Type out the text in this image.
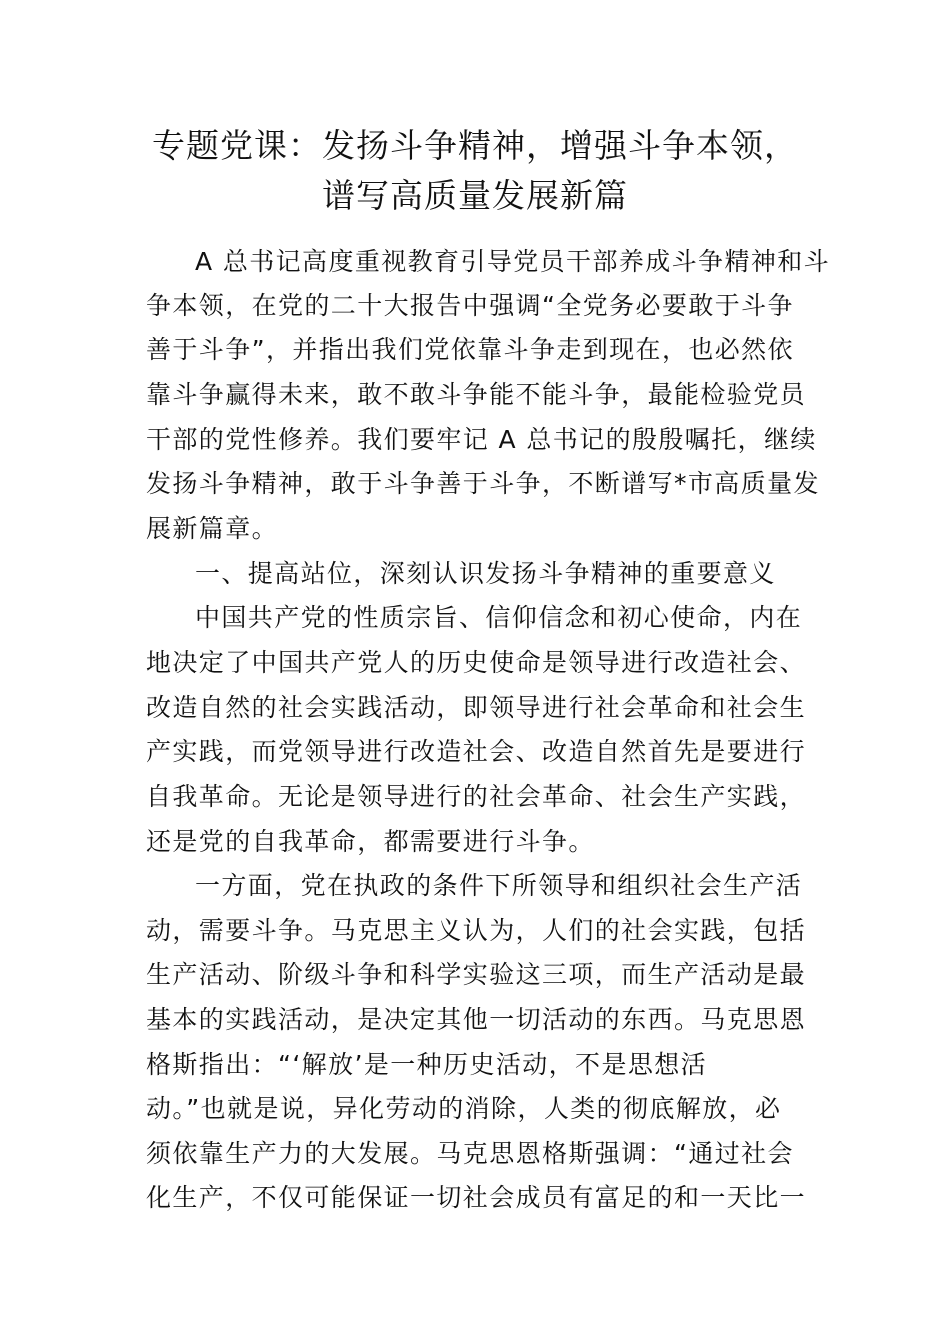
专题党课：发扬斗争精神，增强斗争本领，
谱写高质量发展新篇
A 总书记高度重视教育引导党员干部养成斗争精神和斗
争本领，在党的二十大报告中强调“全党务必要敢于斗争
善于斗争”，并指出我们党依靠斗争走到现在，也必然依
靠斗争赢得未来，敢不敢斗争能不能斗争，最能检验党员
干部的党性修养。我们要牢记 A 总书记的殷殷嘱托，继续
发扬斗争精神，敢于斗争善于斗争，不断谱写*市高质量发
展新篇章。
一、提高站位，深刻认识发扬斗争精神的重要意义
中国共产党的性质宗旨、信仰信念和初心使命，内在
地决定了中国共产党人的历史使命是领导进行改造社会、
改造自然的社会实践活动，即领导进行社会革命和社会生
产实践，而党领导进行改造社会、改造自然首先是要进行
自我革命。无论是领导进行的社会革命、社会生产实践，
还是党的自我革命，都需要进行斗争。
一方面，党在执政的条件下所领导和组织社会生产活
动，需要斗争。马克思主义认为，人们的社会实践，包括
生产活动、阶级斗争和科学实验这三项，而生产活动是最
基本的实践活动，是决定其他一切活动的东西。马克思恩
格斯指出：“‘解放’是一种历史活动，不是思想活
动。”也就是说，异化劳动的消除，人类的彻底解放，必
须依靠生产力的大发展。马克思恩格斯强调：“通过社会
化生产，不仅可能保证一切社会成员有富足的和一天比一
